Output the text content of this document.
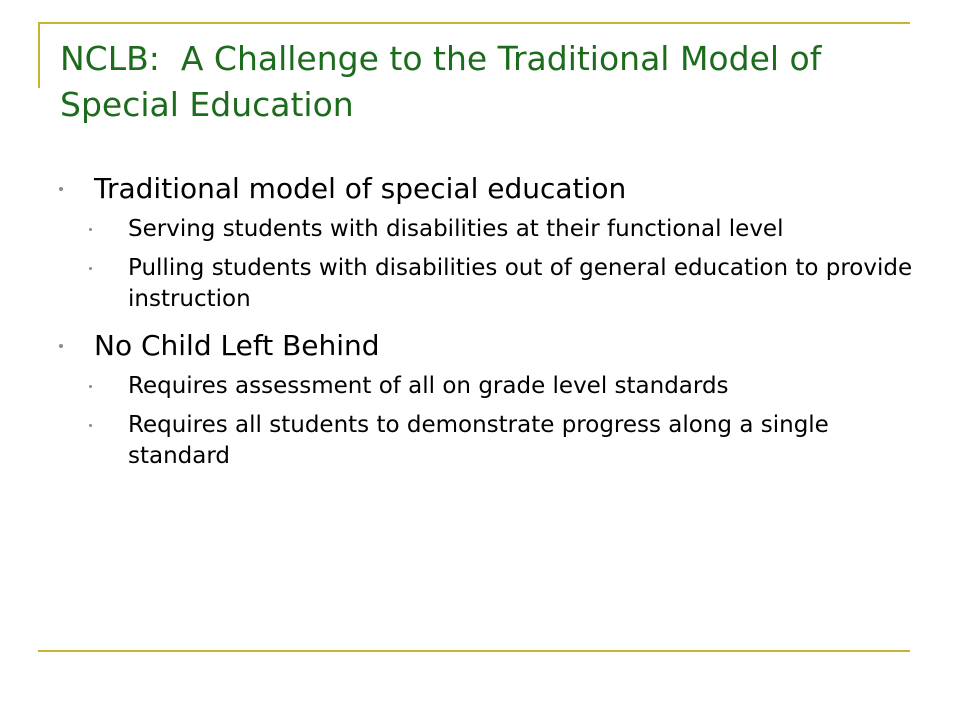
NCLB:  A Challenge to the Traditional Model of Special Education
Traditional model of special education
Serving students with disabilities at their functional level
Pulling students with disabilities out of general education to provide instruction
No Child Left Behind
Requires assessment of all on grade level standards
Requires all students to demonstrate progress along a single standard
